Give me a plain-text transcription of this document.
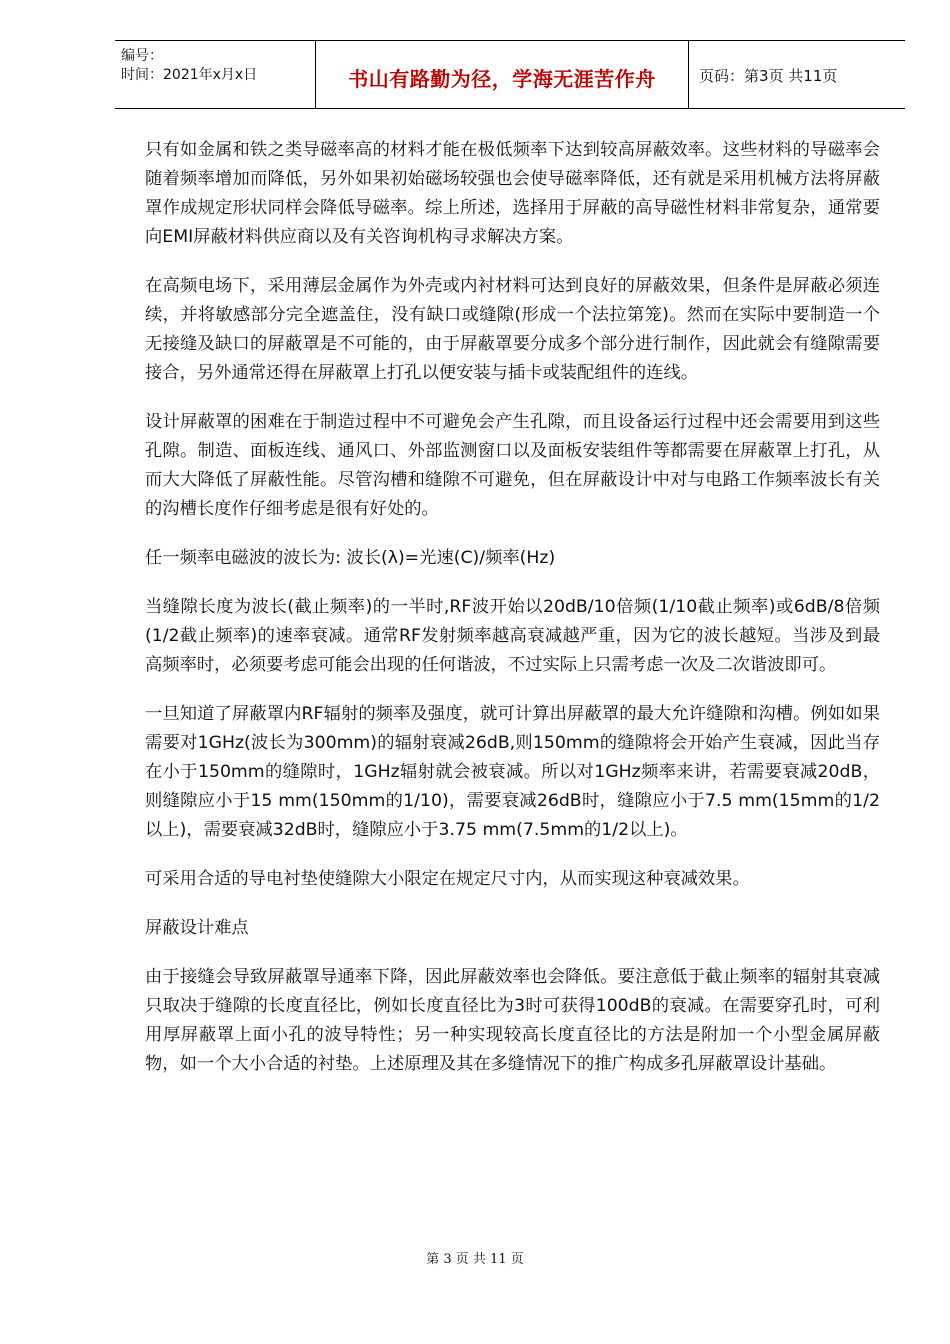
编号：
时间：2021年x月x日	书山有路勤为径，学海无涯苦作舟	页码：第3页 共11页

只有如金属和铁之类导磁率高的材料才能在极低频率下达到较高屏蔽效率。这些材料的导磁率会随着频率增加而降低，另外如果初始磁场较强也会使导磁率降低，还有就是采用机械方法将屏蔽罩作成规定形状同样会降低导磁率。综上所述，选择用于屏蔽的高导磁性材料非常复杂，通常要向EMI屏蔽材料供应商以及有关咨询机构寻求解决方案。

在高频电场下，采用薄层金属作为外壳或内衬材料可达到良好的屏蔽效果，但条件是屏蔽必须连续，并将敏感部分完全遮盖住，没有缺口或缝隙(形成一个法拉第笼)。然而在实际中要制造一个无接缝及缺口的屏蔽罩是不可能的，由于屏蔽罩要分成多个部分进行制作，因此就会有缝隙需要接合，另外通常还得在屏蔽罩上打孔以便安装与插卡或装配组件的连线。

设计屏蔽罩的困难在于制造过程中不可避免会产生孔隙，而且设备运行过程中还会需要用到这些孔隙。制造、面板连线、通风口、外部监测窗口以及面板安装组件等都需要在屏蔽罩上打孔，从而大大降低了屏蔽性能。尽管沟槽和缝隙不可避免，但在屏蔽设计中对与电路工作频率波长有关的沟槽长度作仔细考虑是很有好处的。

任一频率电磁波的波长为: 波长(λ)=光速(C)/频率(Hz)

当缝隙长度为波长(截止频率)的一半时,RF波开始以20dB/10倍频(1/10截止频率)或6dB/8倍频(1/2截止频率)的速率衰减。通常RF发射频率越高衰减越严重，因为它的波长越短。当涉及到最高频率时，必须要考虑可能会出现的任何谐波，不过实际上只需考虑一次及二次谐波即可。

一旦知道了屏蔽罩内RF辐射的频率及强度，就可计算出屏蔽罩的最大允许缝隙和沟槽。例如如果需要对1GHz(波长为300mm)的辐射衰减26dB,则150mm的缝隙将会开始产生衰减，因此当存在小于150mm的缝隙时，1GHz辐射就会被衰减。所以对1GHz频率来讲，若需要衰减20dB，则缝隙应小于15 mm(150mm的1/10)，需要衰减26dB时，缝隙应小于7.5 mm(15mm的1/2以上)，需要衰减32dB时，缝隙应小于3.75 mm(7.5mm的1/2以上)。

可采用合适的导电衬垫使缝隙大小限定在规定尺寸内，从而实现这种衰减效果。

屏蔽设计难点

由于接缝会导致屏蔽罩导通率下降，因此屏蔽效率也会降低。要注意低于截止频率的辐射其衰减只取决于缝隙的长度直径比，例如长度直径比为3时可获得100dB的衰减。在需要穿孔时，可利用厚屏蔽罩上面小孔的波导特性；另一种实现较高长度直径比的方法是附加一个小型金属屏蔽物，如一个大小合适的衬垫。上述原理及其在多缝情况下的推广构成多孔屏蔽罩设计基础。

第 3 页 共 11 页
